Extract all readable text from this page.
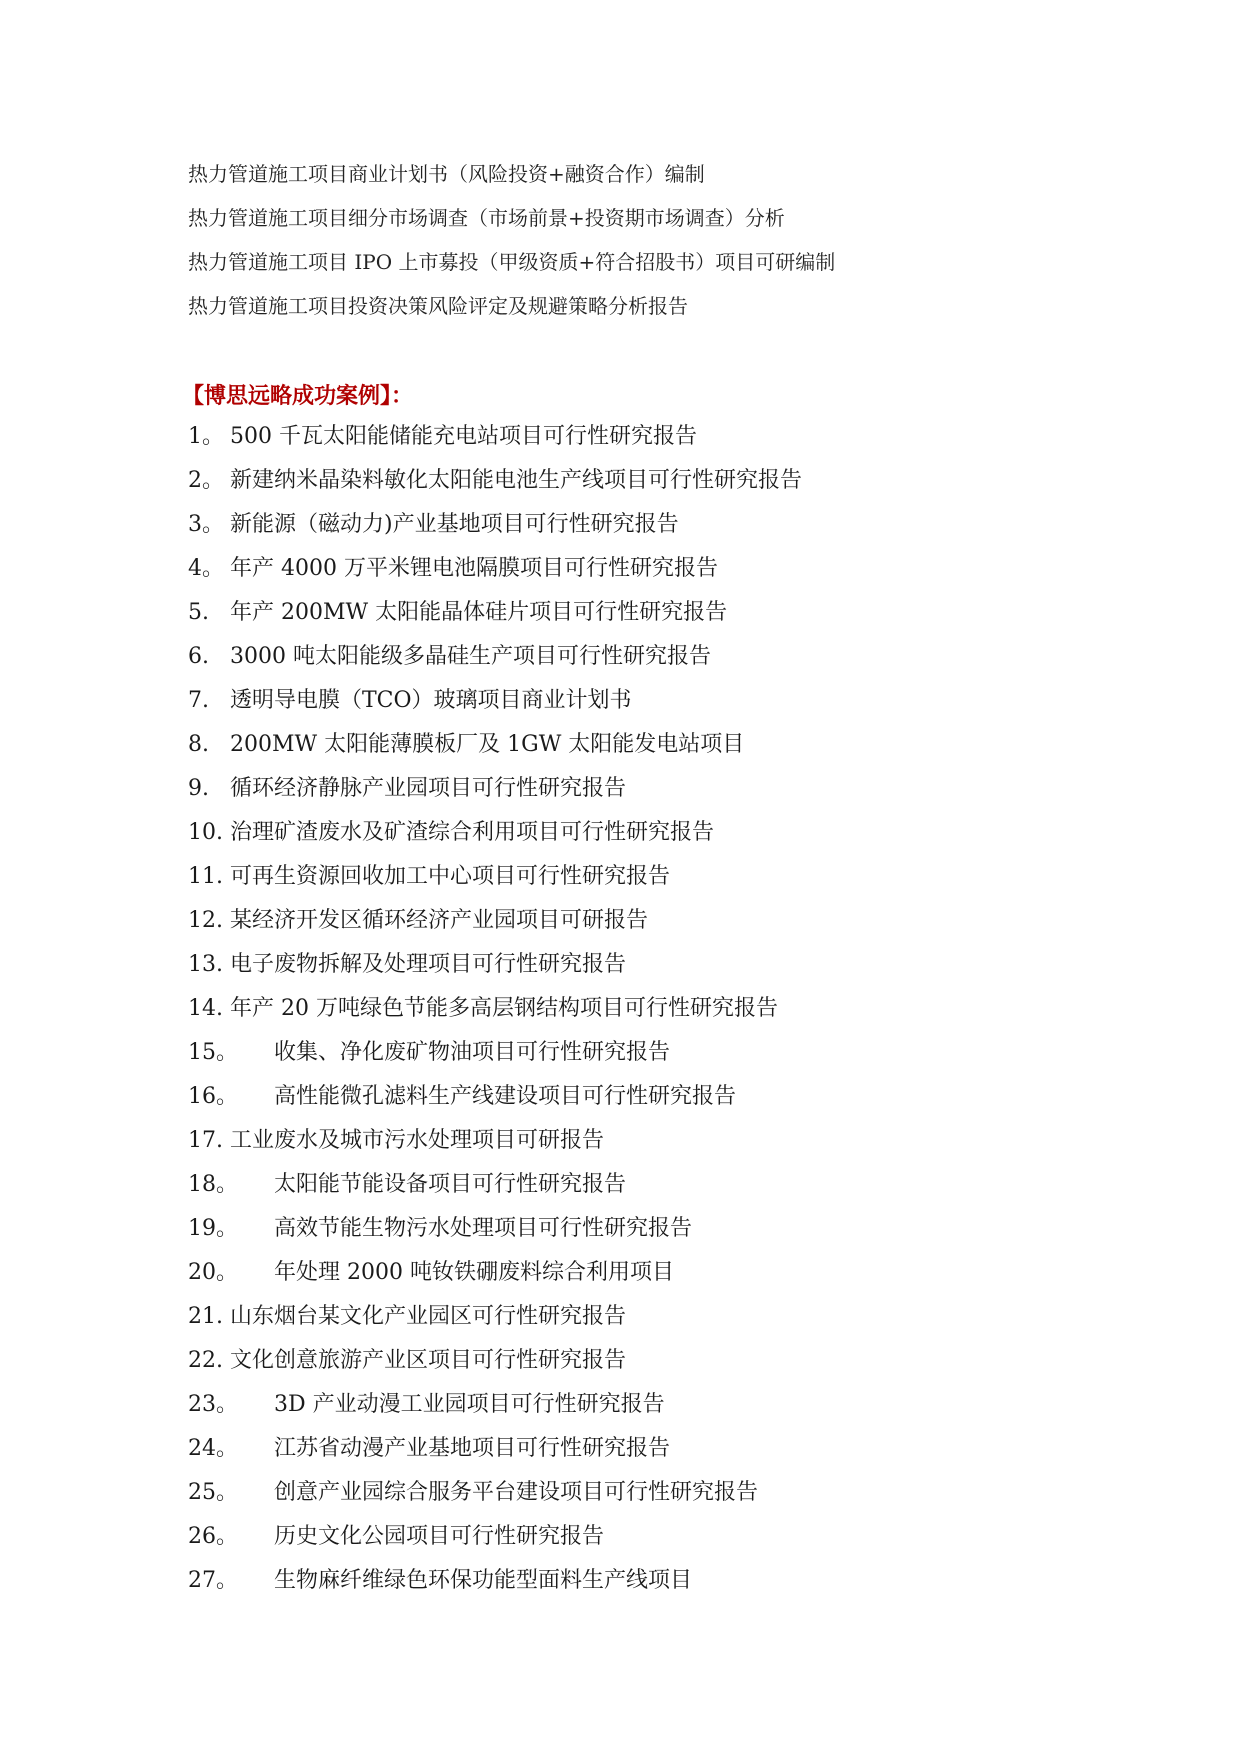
热力管道施工项目商业计划书（风险投资+融资合作）编制
热力管道施工项目细分市场调查（市场前景+投资期市场调查）分析
热力管道施工项目 IPO 上市募投（甲级资质+符合招股书）项目可研编制
热力管道施工项目投资决策风险评定及规避策略分析报告
【博思远略成功案例】：
1。 500 千瓦太阳能储能充电站项目可行性研究报告
2。 新建纳米晶染料敏化太阳能电池生产线项目可行性研究报告
3。 新能源（磁动力)产业基地项目可行性研究报告
4。 年产 4000 万平米锂电池隔膜项目可行性研究报告
5. 年产 200MW 太阳能晶体硅片项目可行性研究报告
6. 3000 吨太阳能级多晶硅生产项目可行性研究报告
7. 透明导电膜（TCO）玻璃项目商业计划书
8. 200MW 太阳能薄膜板厂及 1GW 太阳能发电站项目
9. 循环经济静脉产业园项目可行性研究报告
10. 治理矿渣废水及矿渣综合利用项目可行性研究报告
11. 可再生资源回收加工中心项目可行性研究报告
12. 某经济开发区循环经济产业园项目可研报告
13. 电子废物拆解及处理项目可行性研究报告
14. 年产 20 万吨绿色节能多高层钢结构项目可行性研究报告
15。	收集、净化废矿物油项目可行性研究报告
16。	高性能微孔滤料生产线建设项目可行性研究报告
17. 工业废水及城市污水处理项目可研报告
18。	太阳能节能设备项目可行性研究报告
19。	高效节能生物污水处理项目可行性研究报告
20。	年处理 2000 吨钕铁硼废料综合利用项目
21. 山东烟台某文化产业园区可行性研究报告
22. 文化创意旅游产业区项目可行性研究报告
23。	3D 产业动漫工业园项目可行性研究报告
24。	江苏省动漫产业基地项目可行性研究报告
25。	创意产业园综合服务平台建设项目可行性研究报告
26。	历史文化公园项目可行性研究报告
27。	生物麻纤维绿色环保功能型面料生产线项目
